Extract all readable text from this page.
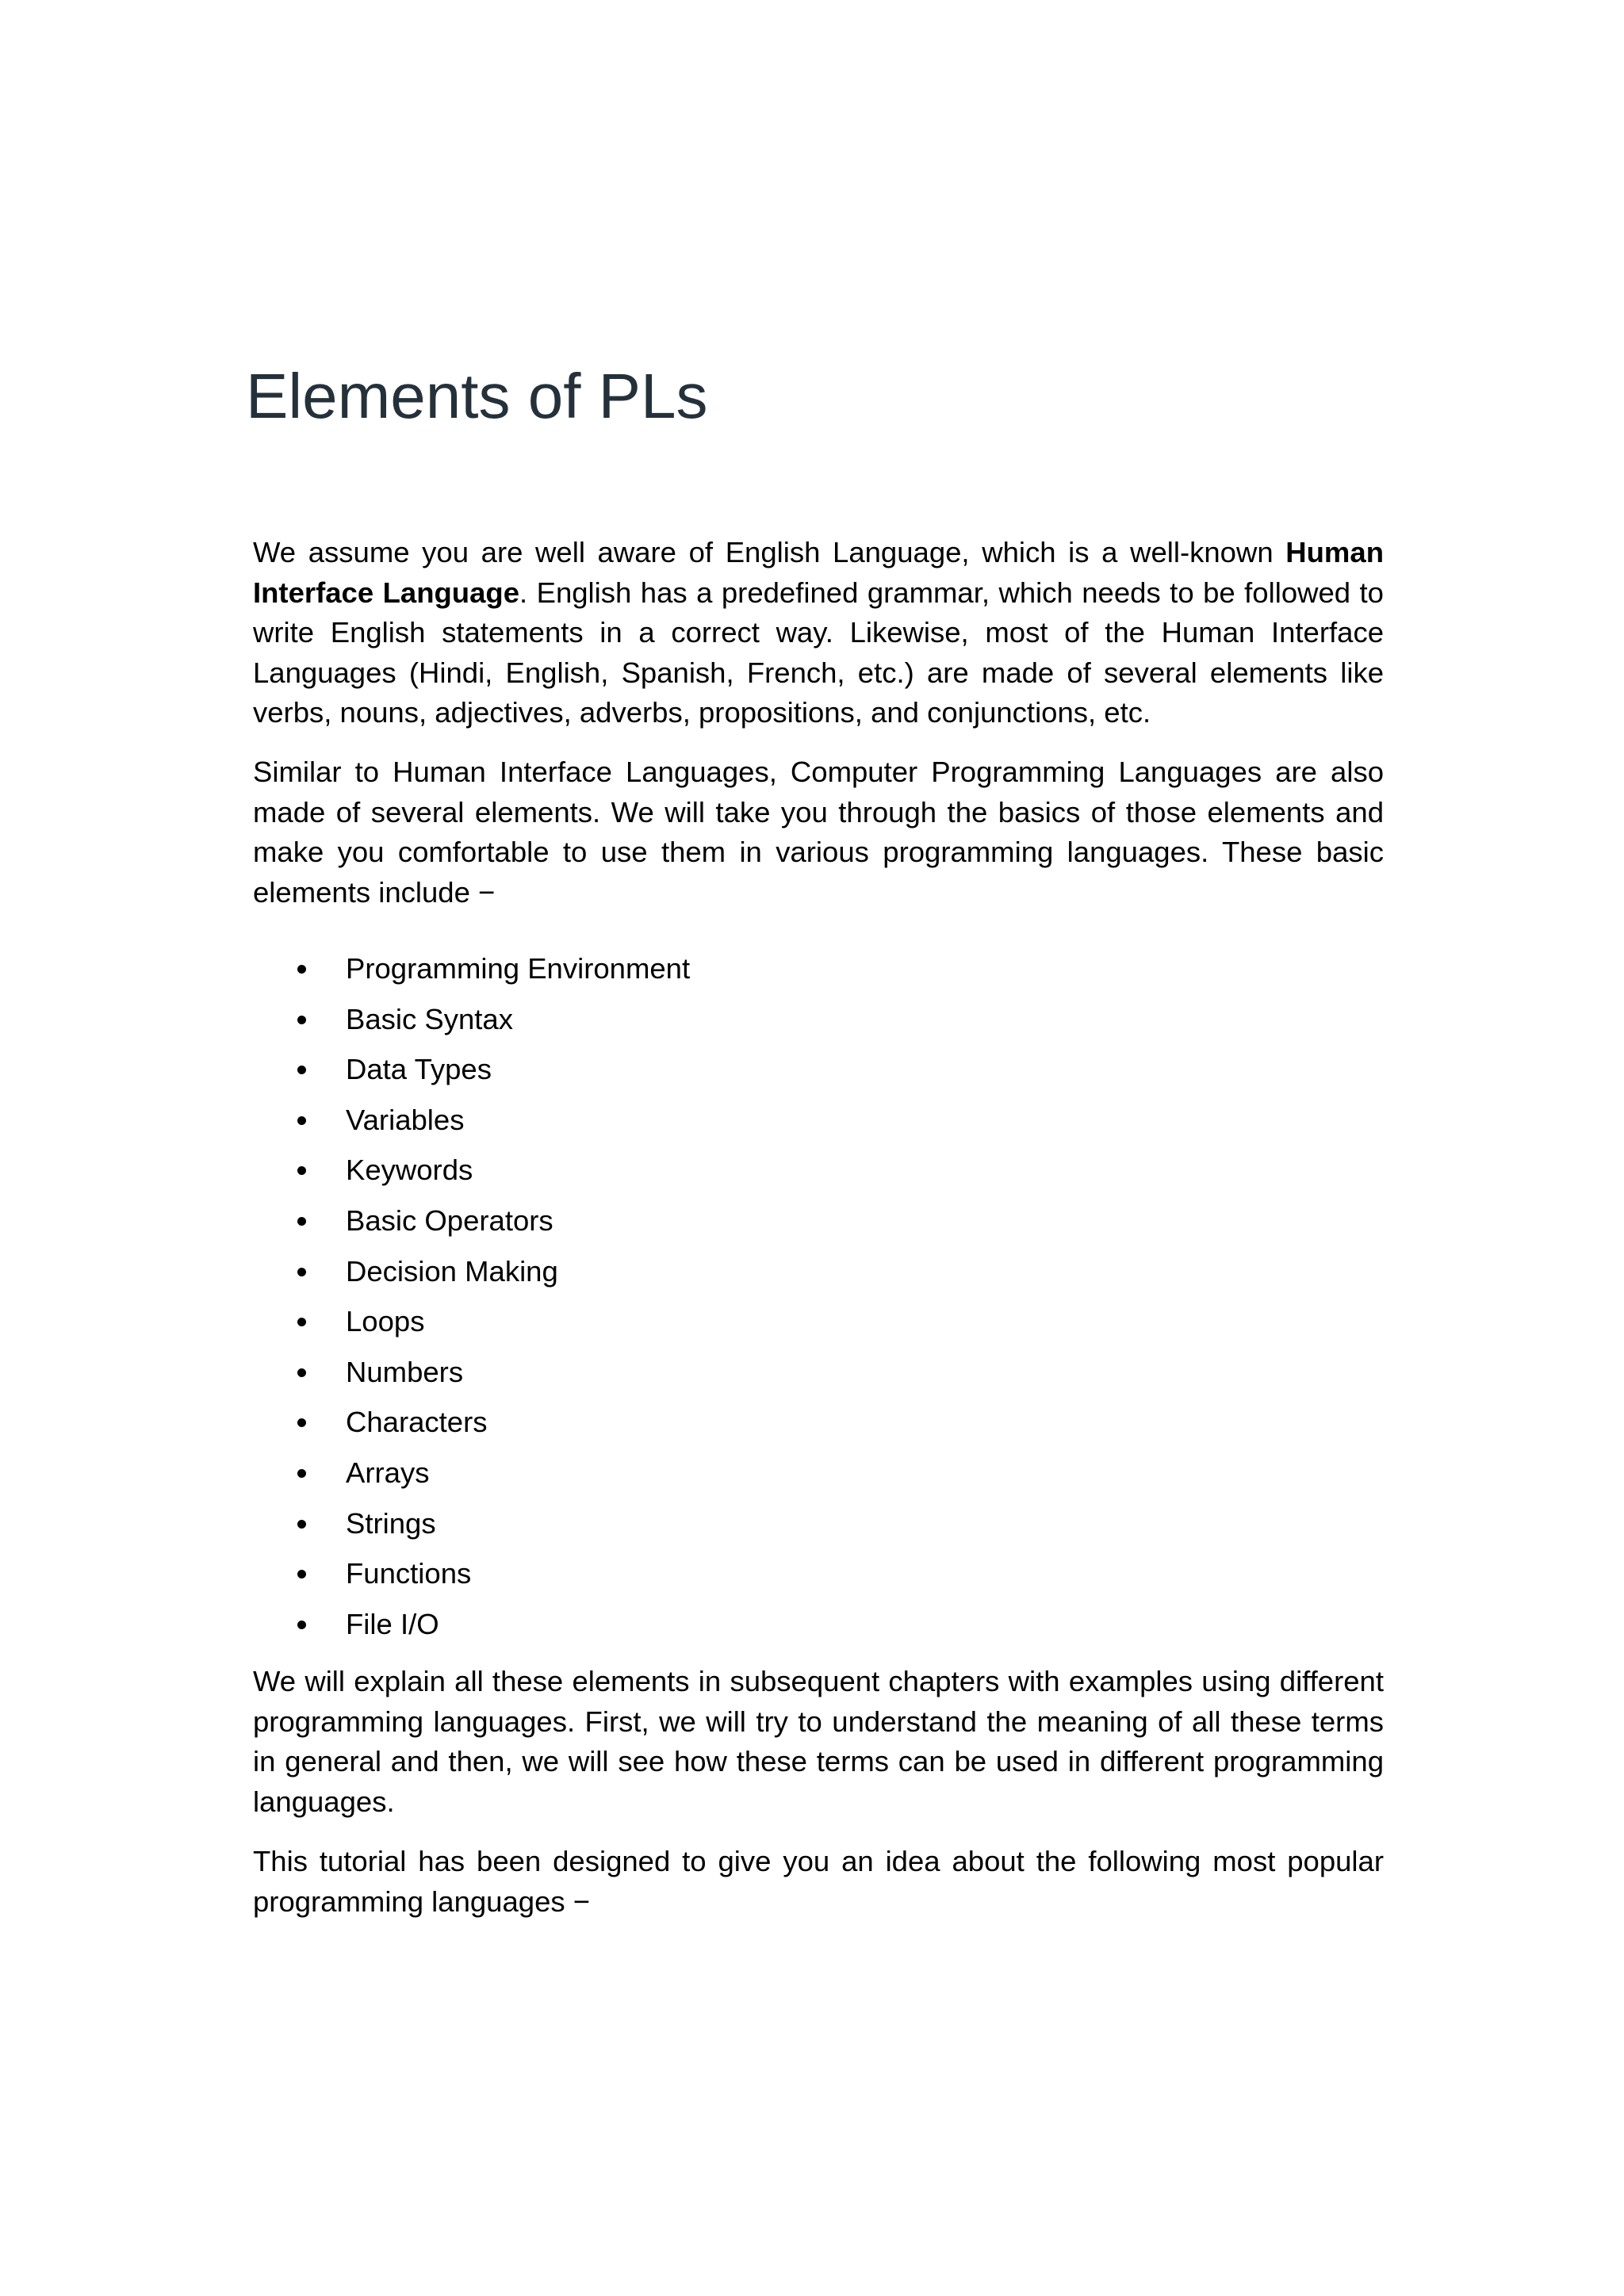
Elements of PLs

We assume you are well aware of English Language, which is a well-known Human Interface Language. English has a predefined grammar, which needs to be followed to write English statements in a correct way. Likewise, most of the Human Interface Languages (Hindi, English, Spanish, French, etc.) are made of several elements like verbs, nouns, adjectives, adverbs, propositions, and conjunctions, etc.

Similar to Human Interface Languages, Computer Programming Languages are also made of several elements. We will take you through the basics of those elements and make you comfortable to use them in various programming languages. These basic elements include −

Programming Environment
Basic Syntax
Data Types
Variables
Keywords
Basic Operators
Decision Making
Loops
Numbers
Characters
Arrays
Strings
Functions
File I/O

We will explain all these elements in subsequent chapters with examples using different programming languages. First, we will try to understand the meaning of all these terms in general and then, we will see how these terms can be used in different programming languages.

This tutorial has been designed to give you an idea about the following most popular programming languages −
